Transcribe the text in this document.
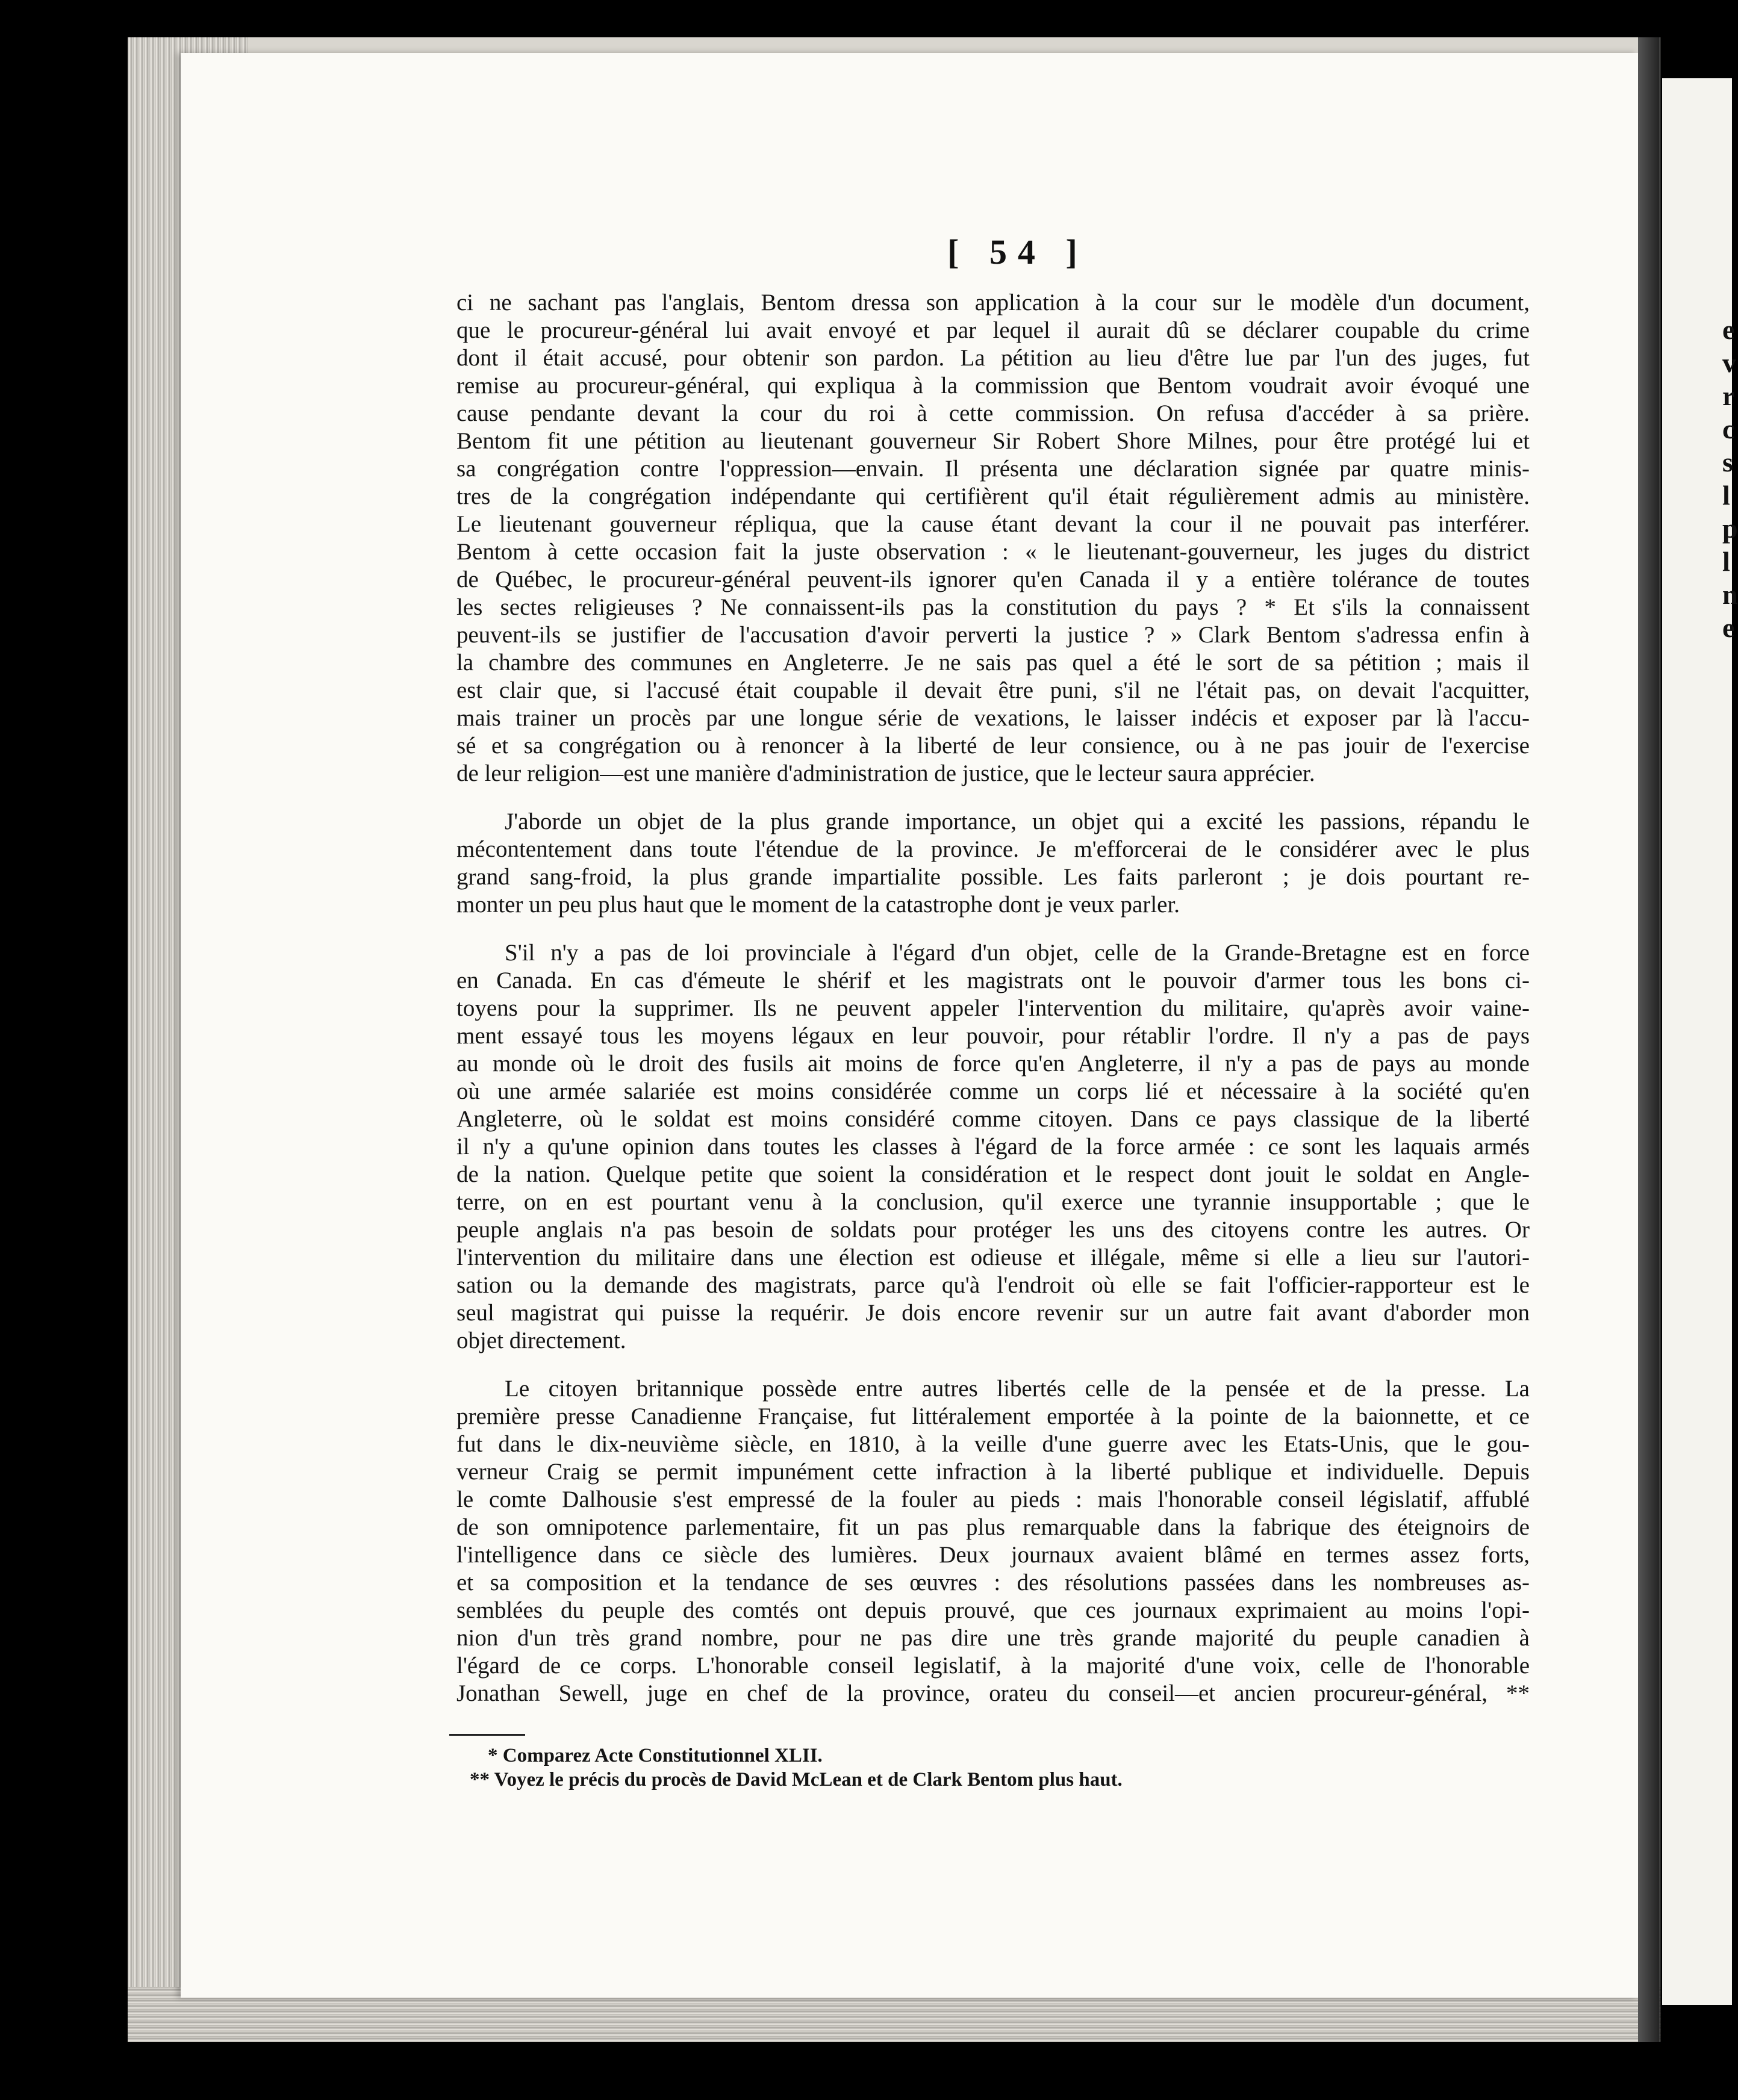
e v r c s l p l n e
[ 54 ]
ci ne sachant pas l'anglais, Bentom dressa son application à la cour sur le modèle d'un document,
que le procureur-général lui avait envoyé et par lequel il aurait dû se déclarer coupable du crime
dont il était accusé, pour obtenir son pardon. La pétition au lieu d'être lue par l'un des juges, fut
remise au procureur-général, qui expliqua à la commission que Bentom voudrait avoir évoqué une
cause pendante devant la cour du roi à cette commission. On refusa d'accéder à sa prière.
Bentom fit une pétition au lieutenant gouverneur Sir Robert Shore Milnes, pour être protégé lui et
sa congrégation contre l'oppression—envain. Il présenta une déclaration signée par quatre minis-
tres de la congrégation indépendante qui certifièrent qu'il était régulièrement admis au ministère.
Le lieutenant gouverneur répliqua, que la cause étant devant la cour il ne pouvait pas interférer.
Bentom à cette occasion fait la juste observation : « le lieutenant-gouverneur, les juges du district
de Québec, le procureur-général peuvent-ils ignorer qu'en Canada il y a entière tolérance de toutes
les sectes religieuses ? Ne connaissent-ils pas la constitution du pays ? * Et s'ils la connaissent
peuvent-ils se justifier de l'accusation d'avoir perverti la justice ? » Clark Bentom s'adressa enfin à
la chambre des communes en Angleterre. Je ne sais pas quel a été le sort de sa pétition ; mais il
est clair que, si l'accusé était coupable il devait être puni, s'il ne l'était pas, on devait l'acquitter,
mais trainer un procès par une longue série de vexations, le laisser indécis et exposer par là l'accu-
sé et sa congrégation ou à renoncer à la liberté de leur consience, ou à ne pas jouir de l'exercise
de leur religion—est une manière d'administration de justice, que le lecteur saura apprécier.
J'aborde un objet de la plus grande importance, un objet qui a excité les passions, répandu le
mécontentement dans toute l'étendue de la province. Je m'efforcerai de le considérer avec le plus
grand sang-froid, la plus grande impartialite possible. Les faits parleront ; je dois pourtant re-
monter un peu plus haut que le moment de la catastrophe dont je veux parler.
S'il n'y a pas de loi provinciale à l'égard d'un objet, celle de la Grande-Bretagne est en force
en Canada. En cas d'émeute le shérif et les magistrats ont le pouvoir d'armer tous les bons ci-
toyens pour la supprimer. Ils ne peuvent appeler l'intervention du militaire, qu'après avoir vaine-
ment essayé tous les moyens légaux en leur pouvoir, pour rétablir l'ordre. Il n'y a pas de pays
au monde où le droit des fusils ait moins de force qu'en Angleterre, il n'y a pas de pays au monde
où une armée salariée est moins considérée comme un corps lié et nécessaire à la société qu'en
Angleterre, où le soldat est moins considéré comme citoyen. Dans ce pays classique de la liberté
il n'y a qu'une opinion dans toutes les classes à l'égard de la force armée : ce sont les laquais armés
de la nation. Quelque petite que soient la considération et le respect dont jouit le soldat en Angle-
terre, on en est pourtant venu à la conclusion, qu'il exerce une tyrannie insupportable ; que le
peuple anglais n'a pas besoin de soldats pour protéger les uns des citoyens contre les autres. Or
l'intervention du militaire dans une élection est odieuse et illégale, même si elle a lieu sur l'autori-
sation ou la demande des magistrats, parce qu'à l'endroit où elle se fait l'officier-rapporteur est le
seul magistrat qui puisse la requérir. Je dois encore revenir sur un autre fait avant d'aborder mon
objet directement.
Le citoyen britannique possède entre autres libertés celle de la pensée et de la presse. La
première presse Canadienne Française, fut littéralement emportée à la pointe de la baionnette, et ce
fut dans le dix-neuvième siècle, en 1810, à la veille d'une guerre avec les Etats-Unis, que le gou-
verneur Craig se permit impunément cette infraction à la liberté publique et individuelle. Depuis
le comte Dalhousie s'est empressé de la fouler au pieds : mais l'honorable conseil législatif, affublé
de son omnipotence parlementaire, fit un pas plus remarquable dans la fabrique des éteignoirs de
l'intelligence dans ce siècle des lumières. Deux journaux avaient blâmé en termes assez forts,
et sa composition et la tendance de ses œuvres : des résolutions passées dans les nombreuses as-
semblées du peuple des comtés ont depuis prouvé, que ces journaux exprimaient au moins l'opi-
nion d'un très grand nombre, pour ne pas dire une très grande majorité du peuple canadien à
l'égard de ce corps. L'honorable conseil legislatif, à la majorité d'une voix, celle de l'honorable
Jonathan Sewell, juge en chef de la province, orateu du conseil—et ancien procureur-général, **
* Comparez Acte Constitutionnel XLII.
** Voyez le précis du procès de David McLean et de Clark Bentom plus haut.
